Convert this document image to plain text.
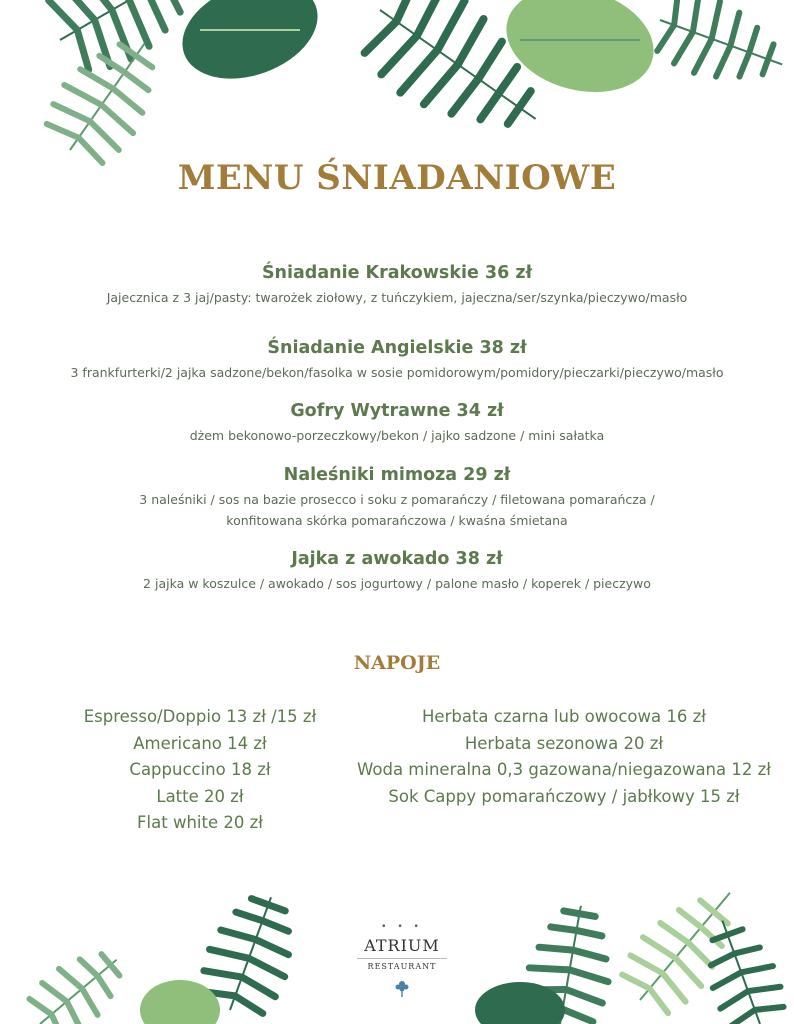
MENU ŚNIADANIOWE

Śniadanie Krakowskie 36 zł

Jajecznica z 3 jaj/pasty: twarożek ziołowy, z tuńczykiem, jajeczna/ser/szynka/pieczywo/masło

Śniadanie Angielskie 38 zł

3 frankfurterki/2 jajka sadzone/bekon/fasolka w sosie pomidorowym/pomidory/pieczarki/pieczywo/masło

Gofry Wytrawne 34 zł

dżem bekonowo-porzeczkowy/bekon / jajko sadzone / mini sałatka

Naleśniki mimoza 29 zł

3 naleśniki / sos na bazie prosecco i soku z pomarańczy / filetowana pomarańcza /

konfitowana skórka pomarańczowa / kwaśna śmietana

Jajka z awokado 38 zł

2 jajka w koszulce / awokado / sos jogurtowy / palone masło / koperek / pieczywo

NAPOJE
Espresso/Doppio 13 zł /15 zł
Americano 14 zł
Cappuccino 18 zł
Latte 20 zł
Flat white 20 zł
Herbata czarna lub owocowa 16 zł
Herbata sezonowa 20 zł
Woda mineralna 0,3 gazowana/niegazowana 12 zł
Sok Cappy pomarańczowy / jabłkowy 15 zł
• • •
ATRIUM
RESTAURANT
